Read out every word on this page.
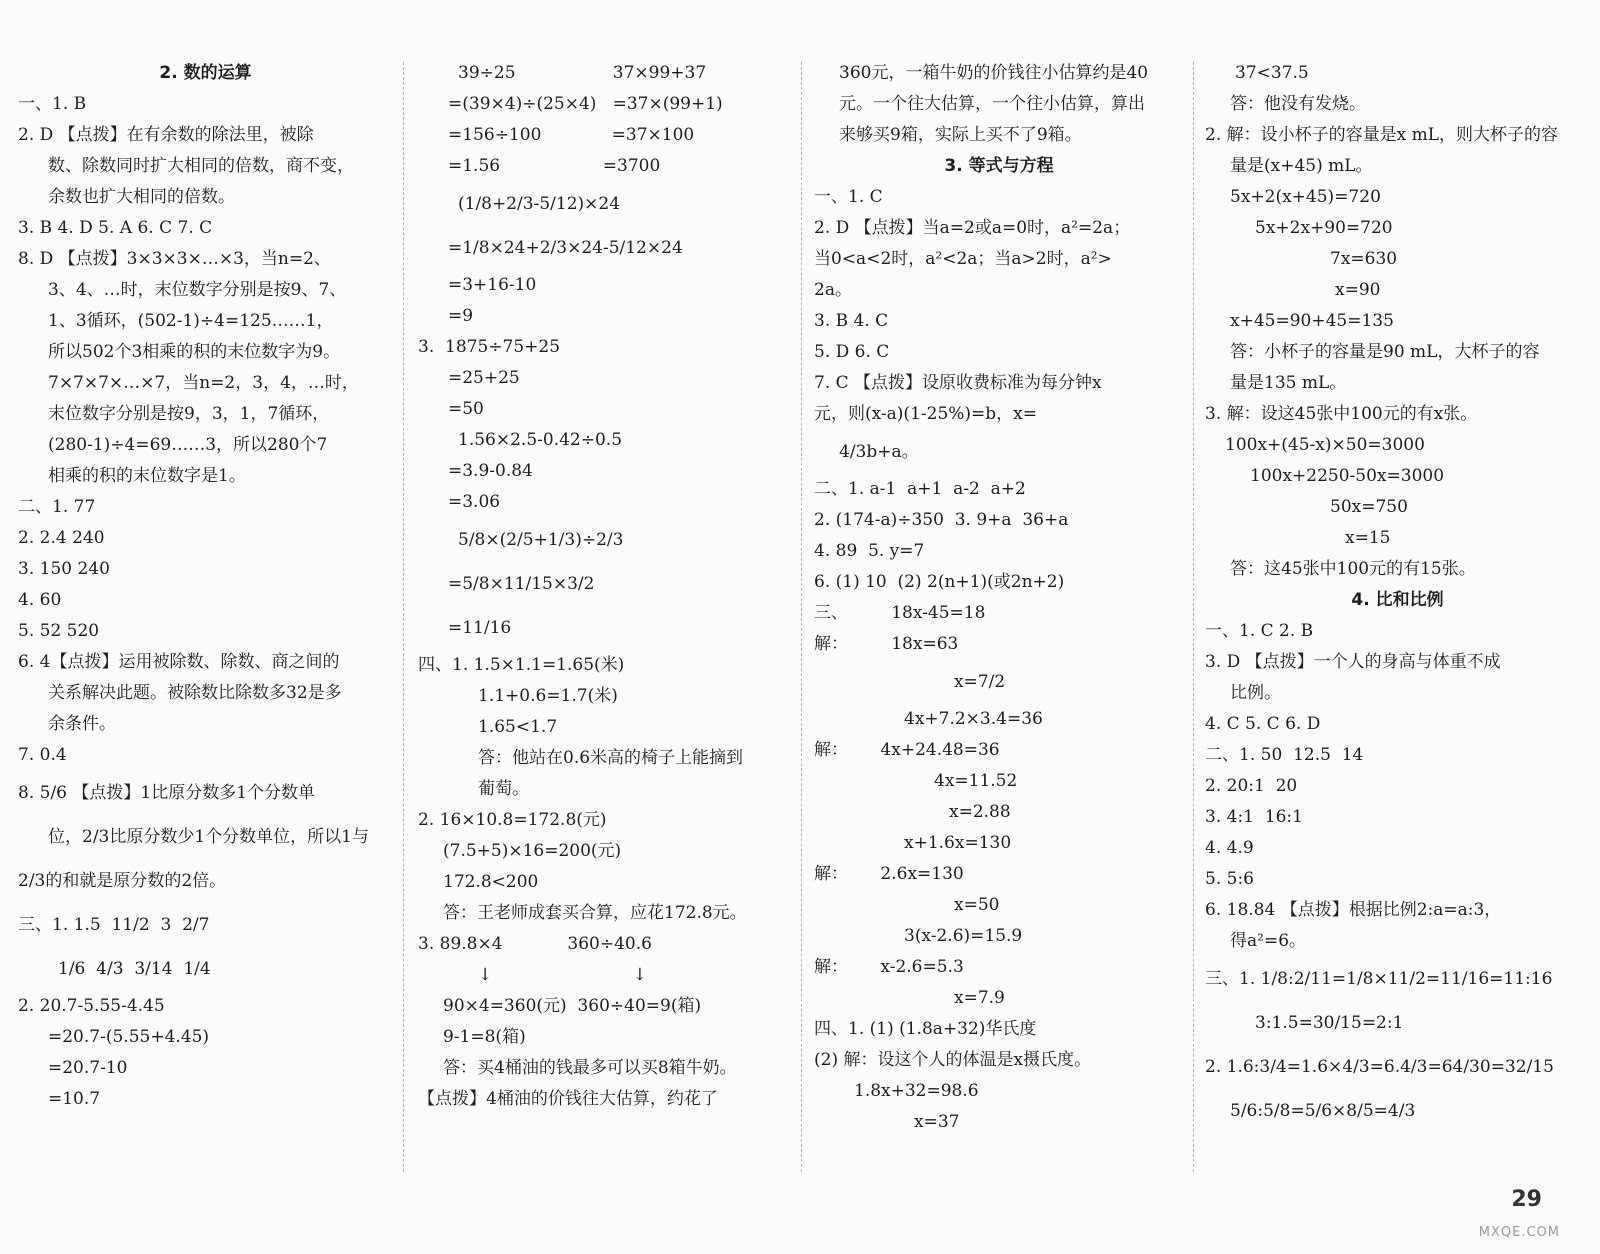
2. 数的运算
一、1. B
2. D 【点拨】在有余数的除法里，被除
数、除数同时扩大相同的倍数，商不变，
余数也扩大相同的倍数。
3. B 4. D 5. A 6. C 7. C
8. D 【点拨】3×3×3×…×3，当n=2、
3、4、…时，末位数字分别是按9、7、
1、3循环，(502-1)÷4=125……1，
所以502个3相乘的积的末位数字为9。
7×7×7×…×7，当n=2，3，4，…时，
末位数字分别是按9，3，1，7循环，
(280-1)÷4=69……3，所以280个7
相乘的积的末位数字是1。
二、1. 77
2. 2.4 240
3. 150 240
4. 60
5. 52 520
6. 4【点拨】运用被除数、除数、商之间的
关系解决此题。被除数比除数多32是多
余条件。
7. 0.4
8. 5/6 【点拨】1比原分数多1个分数单
位，2/3比原分数少1个分数单位，所以1与
2/3的和就是原分数的2倍。
三、1. 1.5  11/2  3  2/7
1/6  4/3  3/14  1/4
2. 20.7-5.55-4.45
=20.7-(5.55+4.45)
=20.7-10
=10.7
39÷25                  37×99+37
=(39×4)÷(25×4)   =37×(99+1)
=156÷100             =37×100
=1.56                   =3700
(1/8+2/3-5/12)×24
=1/8×24+2/3×24-5/12×24
=3+16-10
=9
3.  1875÷75+25
=25+25
=50
1.56×2.5-0.42÷0.5
=3.9-0.84
=3.06
5/8×(2/5+1/3)÷2/3
=5/8×11/15×3/2
=11/16
四、1. 1.5×1.1=1.65(米)
1.1+0.6=1.7(米)
1.65<1.7
答：他站在0.6米高的椅子上能摘到
葡萄。
2. 16×10.8=172.8(元)
(7.5+5)×16=200(元)
172.8<200
答：王老师成套买合算，应花172.8元。
3. 89.8×4            360÷40.6
↓                          ↓
90×4=360(元)  360÷40=9(箱)
9-1=8(箱)
答：买4桶油的钱最多可以买8箱牛奶。
【点拨】4桶油的价钱往大估算，约花了
360元，一箱牛奶的价钱往小估算约是40
元。一个往大估算，一个往小估算，算出
来够买9箱，实际上买不了9箱。
3. 等式与方程
一、1. C
2. D 【点拨】当a=2或a=0时，a²=2a；
当0<a<2时，a²<2a；当a>2时，a²>
2a。
3. B 4. C
5. D 6. C
7. C 【点拨】设原收费标准为每分钟x
元，则(x-a)(1-25%)=b，x=
4/3b+a。
二、1. a-1  a+1  a-2  a+2
2. (174-a)÷350  3. 9+a  36+a
4. 89  5. y=7
6. (1) 10  (2) 2(n+1)(或2n+2)
三、        18x-45=18
解：        18x=63
x=7/2
4x+7.2×3.4=36
解：      4x+24.48=36
4x=11.52
x=2.88
x+1.6x=130
解：      2.6x=130
x=50
3(x-2.6)=15.9
解：      x-2.6=5.3
x=7.9
四、1. (1) (1.8a+32)华氏度
(2) 解：设这个人的体温是x摄氏度。
1.8x+32=98.6
x=37
37<37.5
答：他没有发烧。
2. 解：设小杯子的容量是x mL，则大杯子的容
量是(x+45) mL。
5x+2(x+45)=720
5x+2x+90=720
7x=630
x=90
x+45=90+45=135
答：小杯子的容量是90 mL，大杯子的容
量是135 mL。
3. 解：设这45张中100元的有x张。
100x+(45-x)×50=3000
100x+2250-50x=3000
50x=750
x=15
答：这45张中100元的有15张。
4. 比和比例
一、1. C 2. B
3. D 【点拨】一个人的身高与体重不成
比例。
4. C 5. C 6. D
二、1. 50  12.5  14
2. 20:1  20
3. 4:1  16:1
4. 4.9
5. 5:6
6. 18.84 【点拨】根据比例2:a=a:3，
得a²=6。
三、1. 1/8:2/11=1/8×11/2=11/16=11:16
3:1.5=30/15=2:1
2. 1.6:3/4=1.6×4/3=6.4/3=64/30=32/15
5/6:5/8=5/6×8/5=4/3
29
MXQE.COM
